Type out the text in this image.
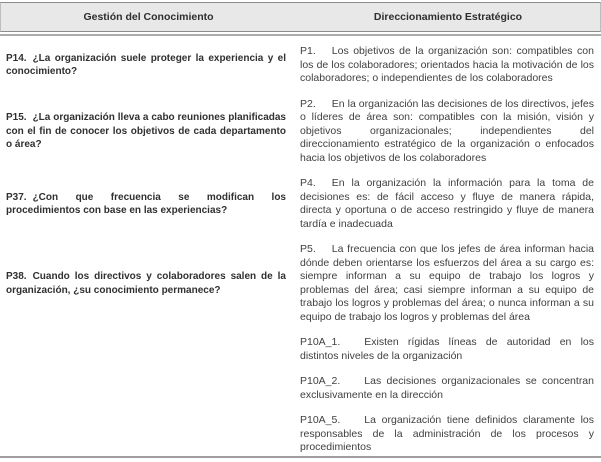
Gestión del Conocimiento	Direccionamiento Estratégico

P14. ¿La organización suele proteger la experiencia y el conocimiento?

P1. Los objetivos de la organización son: compatibles con los de los colaboradores; orientados hacia la motivación de los colaboradores; o independientes de los colaboradores

P15. ¿La organización lleva a cabo reuniones planificadas con el fin de conocer los objetivos de cada departamento o área?

P2. En la organización las decisiones de los directivos, jefes o líderes de área son: compatibles con la misión, visión y objetivos organizacionales; independientes del direccionamiento estratégico de la organización o enfocados hacia los objetivos de los colaboradores

P37. ¿Con que frecuencia se modifican los procedimientos con base en las experiencias?

P4. En la organización la información para la toma de decisiones es: de fácil acceso y fluye de manera rápida, directa y oportuna o de acceso restringido y fluye de manera tardía e inadecuada

P38. Cuando los directivos y colaboradores salen de la organización, ¿su conocimiento permanece?

P5. La frecuencia con que los jefes de área informan hacia dónde deben orientarse los esfuerzos del área a su cargo es: siempre informan a su equipo de trabajo los logros y problemas del área; casi siempre informan a su equipo de trabajo los logros y problemas del área; o nunca informan a su equipo de trabajo los logros y problemas del área

P10A_1. Existen rígidas líneas de autoridad en los distintos niveles de la organización

P10A_2. Las decisiones organizacionales se concentran exclusivamente en la dirección

P10A_5. La organización tiene definidos claramente los responsables de la administración de los procesos y procedimientos
